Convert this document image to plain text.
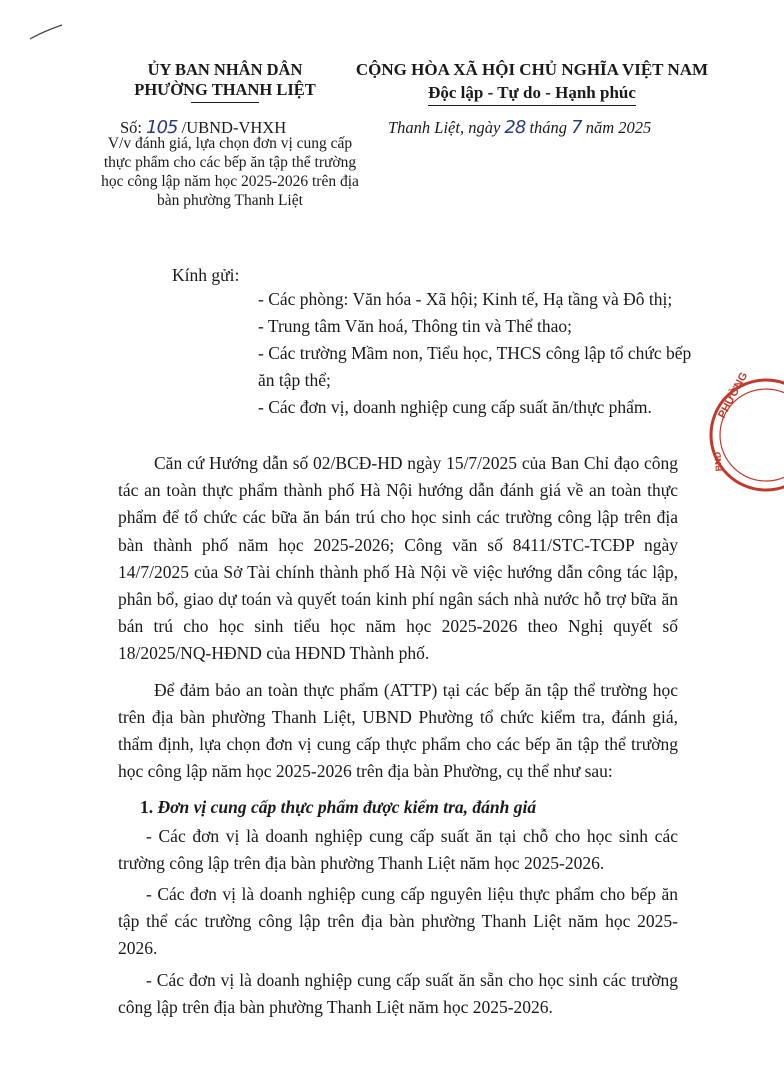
ỦY BAN NHÂN DÂN
PHƯỜNG THANH LIỆT
CỘNG HÒA XÃ HỘI CHỦ NGHĨA VIỆT NAM
Độc lập - Tự do - Hạnh phúc
Số: 105 /UBND-VHXH
V/v đánh giá, lựa chọn đơn vị cung cấp thực phẩm cho các bếp ăn tập thể trường học công lập năm học 2025-2026 trên địa bàn phường Thanh Liệt
Thanh Liệt, ngày 28 tháng 7 năm 2025
Kính gửi:
- Các phòng: Văn hóa - Xã hội; Kinh tế, Hạ tầng và Đô thị;
- Trung tâm Văn hoá, Thông tin và Thể thao;
- Các trường Mầm non, Tiểu học, THCS công lập tổ chức bếp ăn tập thể;
- Các đơn vị, doanh nghiệp cung cấp suất ăn/thực phẩm.

Căn cứ Hướng dẫn số 02/BCĐ-HD ngày 15/7/2025 của Ban Chỉ đạo công tác an toàn thực phẩm thành phố Hà Nội hướng dẫn đánh giá về an toàn thực phẩm để tổ chức các bữa ăn bán trú cho học sinh các trường công lập trên địa bàn thành phố năm học 2025-2026; Công văn số 8411/STC-TCĐP ngày 14/7/2025 của Sở Tài chính thành phố Hà Nội về việc hướng dẫn công tác lập, phân bổ, giao dự toán và quyết toán kinh phí ngân sách nhà nước hỗ trợ bữa ăn bán trú cho học sinh tiểu học năm học 2025-2026 theo Nghị quyết số 18/2025/NQ-HĐND của HĐND Thành phố.

Để đảm bảo an toàn thực phẩm (ATTP) tại các bếp ăn tập thể trường học trên địa bàn phường Thanh Liệt, UBND Phường tổ chức kiểm tra, đánh giá, thẩm định, lựa chọn đơn vị cung cấp thực phẩm cho các bếp ăn tập thể trường học công lập năm học 2025-2026 trên địa bàn Phường, cụ thể như sau:

1. Đơn vị cung cấp thực phẩm được kiểm tra, đánh giá

- Các đơn vị là doanh nghiệp cung cấp suất ăn tại chỗ cho học sinh các trường công lập trên địa bàn phường Thanh Liệt năm học 2025-2026.

- Các đơn vị là doanh nghiệp cung cấp nguyên liệu thực phẩm cho bếp ăn tập thể các trường công lập trên địa bàn phường Thanh Liệt năm học 2025-2026.

- Các đơn vị là doanh nghiệp cung cấp suất ăn sẵn cho học sinh các trường công lập trên địa bàn phường Thanh Liệt năm học 2025-2026.

PHƯỜNG
BND
